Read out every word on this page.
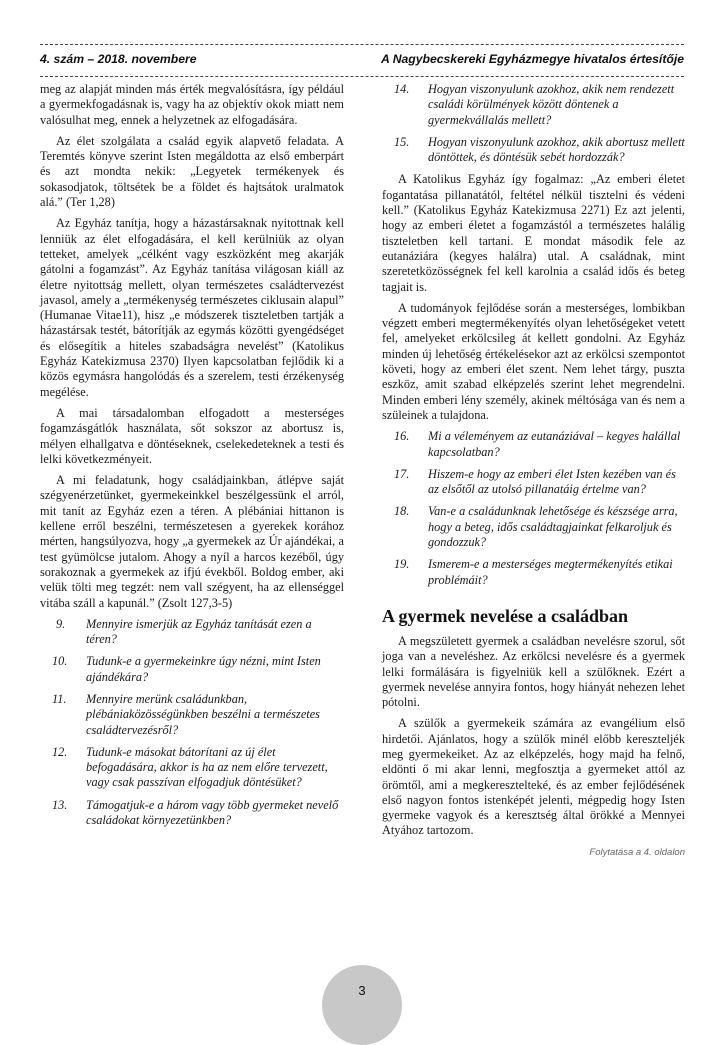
4. szám – 2018. novembere	A Nagybecskereki Egyházmegye hivatalos értesítője

meg az alapját minden más érték megvalósításra, így például a gyermekfogadásnak is, vagy ha az objektív okok miatt nem valósulhat meg, ennek a helyzetnek az elfogadására.

Az élet szolgálata a család egyik alapvető feladata. A Teremtés könyve szerint Isten megáldotta az első emberpárt és azt mondta nekik: „Legyetek termékenyek és sokasodjatok, töltsétek be a földet és hajtsátok uralmatok alá.” (Ter 1,28)

Az Egyház tanítja, hogy a házastársaknak nyitottnak kell lenniük az élet elfogadására, el kell kerülniük az olyan tetteket, amelyek „célként vagy eszközként meg akarják gátolni a fogamzást”. Az Egyház tanítása világosan kiáll az életre nyitottság mellett, olyan természetes családtervezést javasol, amely a „termékenység természetes ciklusain alapul” (Humanae Vitae11), hisz „e módszerek tiszteletben tartják a házastársak testét, bátorítják az egymás közötti gyengédséget és elősegítik a hiteles szabadságra nevelést” (Katolikus Egyház Katekizmusa 2370) Ilyen kapcsolatban fejlődik ki a közös egymásra hangolódás és a szerelem, testi érzékenység megélése.

A mai társadalomban elfogadott a mesterséges fogamzásgátlók használata, sőt sokszor az abortusz is, mélyen elhallgatva e döntéseknek, cselekedeteknek a testi és lelki következményeit.

A mi feladatunk, hogy családjainkban, átlépve saját szégyenérzetünket, gyermekeinkkel beszélgessünk el arról, mit tanít az Egyház ezen a téren. A plébániai hittanon is kellene erről beszélni, természetesen a gyerekek korához mérten, hangsúlyozva, hogy „a gyermekek az Úr ajándékai, a test gyümölcse jutalom. Ahogy a nyíl a harcos kezéből, úgy sorakoznak a gyermekek az ifjú évekből. Boldog ember, aki velük tölti meg tegzét: nem vall szégyent, ha az ellenséggel vitába száll a kapunál.” (Zsolt 127,3-5)

9.	Mennyire ismerjük az Egyház tanítását ezen a téren?
10.	Tudunk-e a gyermekeinkre úgy nézni, mint Isten ajándékára?
11.	Mennyire merünk családunkban, plébániaközösségünkben beszélni a természetes családtervezésről?
12.	Tudunk-e másokat bátorítani az új élet befogadására, akkor is ha az nem előre tervezett, vagy csak passzívan elfogadjuk döntésüket?
13.	Támogatjuk-e a három vagy több gyermeket nevelő családokat környezetünkben?
14.	Hogyan viszonyulunk azokhoz, akik nem rendezett családi körülmények között döntenek a gyermekvállalás mellett?
15.	Hogyan viszonyulunk azokhoz, akik abortusz mellett döntöttek, és döntésük sebét hordozzák?

A Katolikus Egyház így fogalmaz: „Az emberi életet fogantatása pillanatától, feltétel nélkül tisztelni és védeni kell.” (Katolikus Egyház Katekizmusa 2271) Ez azt jelenti, hogy az emberi életet a fogamzástól a természetes halálig tiszteletben kell tartani. E mondat második fele az eutanáziára (kegyes halálra) utal. A családnak, mint szeretetközösségnek fel kell karolnia a család idős és beteg tagjait is.

A tudományok fejlődése során a mesterséges, lombikban végzett emberi megtermékenyítés olyan lehetőségeket vetett fel, amelyeket erkölcsileg át kellett gondolni. Az Egyház minden új lehetőség értékelésekor azt az erkölcsi szempontot követi, hogy az emberi élet szent. Nem lehet tárgy, puszta eszköz, amit szabad elképzelés szerint lehet megrendelni. Minden emberi lény személy, akinek méltósága van és nem a szüleinek a tulajdona.

16.	Mi a véleményem az eutanáziával – kegyes halállal kapcsolatban?
17.	Hiszem-e hogy az emberi élet Isten kezében van és az elsőtől az utolsó pillanatáig értelme van?
18.	Van-e a családunknak lehetősége és készsége arra, hogy a beteg, idős családtagjainkat felkaroljuk és gondozzuk?
19.	Ismerem-e a mesterséges megtermékenyítés etikai problémáit?
A gyermek nevelése a családban

A megszületett gyermek a családban nevelésre szorul, sőt joga van a neveléshez. Az erkölcsi nevelésre és a gyermek lelki formálására is figyelniük kell a szülőknek. Ezért a gyermek nevelése annyira fontos, hogy hiányát nehezen lehet pótolni.

A szülők a gyermekeik számára az evangélium első hirdetői. Ajánlatos, hogy a szülők minél előbb kereszteljék meg gyermekeiket. Az az elképzelés, hogy majd ha felnő, eldönti ő mi akar lenni, megfosztja a gyermeket attól az örömtől, ami a megkeresztelteké, és az ember fejlődésének első nagyon fontos istenképét jelenti, mégpedig hogy Isten gyermeke vagyok és a keresztség által örökké a Mennyei Atyához tartozom.

Folytatása a 4. oldalon
3
